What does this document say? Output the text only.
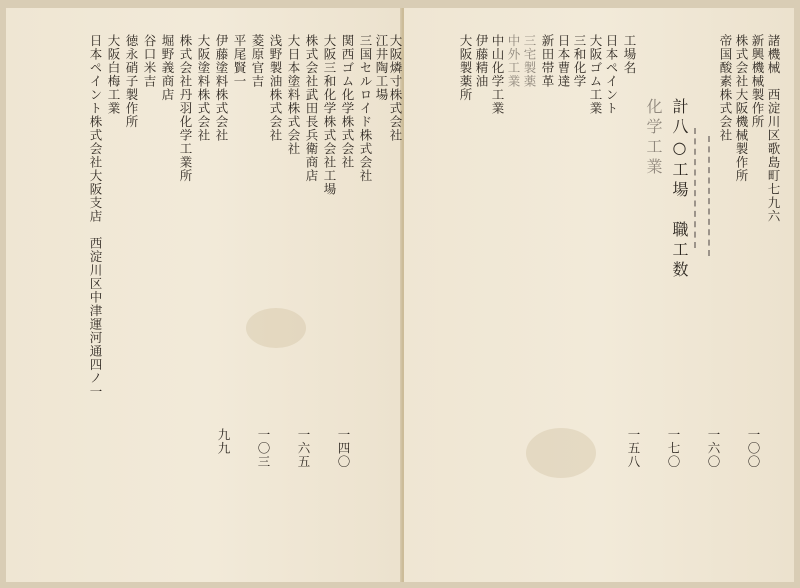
日本ペイント株式会社大阪支店　西淀川区中津運河通四ノ一 大阪白梅工業 徳永硝子製作所 谷口米吉 堀野義商店 株式会社丹羽化学工業所 大阪塗料株式会社 伊藤塗料株式会社 平尾賢一 菱原官吉 浅野製油株式会社 大日本塗料株式会社 株式会社武田長兵衛商店 大阪三和化学株式会社工場 関西ゴム化学株式会社 三国セルロイド株式会社 江井陶工場 大阪燐寸株式会社	諸機械　西淀川区歌島町七九六
新興機械製作所
株式会社大阪機械製作所
帝国酸素株式会社
計八○工場　職工数
化学工業
工場名
日本ペイント
大阪ゴム工業
三和化学
日本曹達
新田帯革
三宅製薬
中外工業
中山化学工業
伊藤精油
大阪製薬所
一〇〇
一六〇
一七〇
一五八
一四〇
一六五
一〇三
九九
